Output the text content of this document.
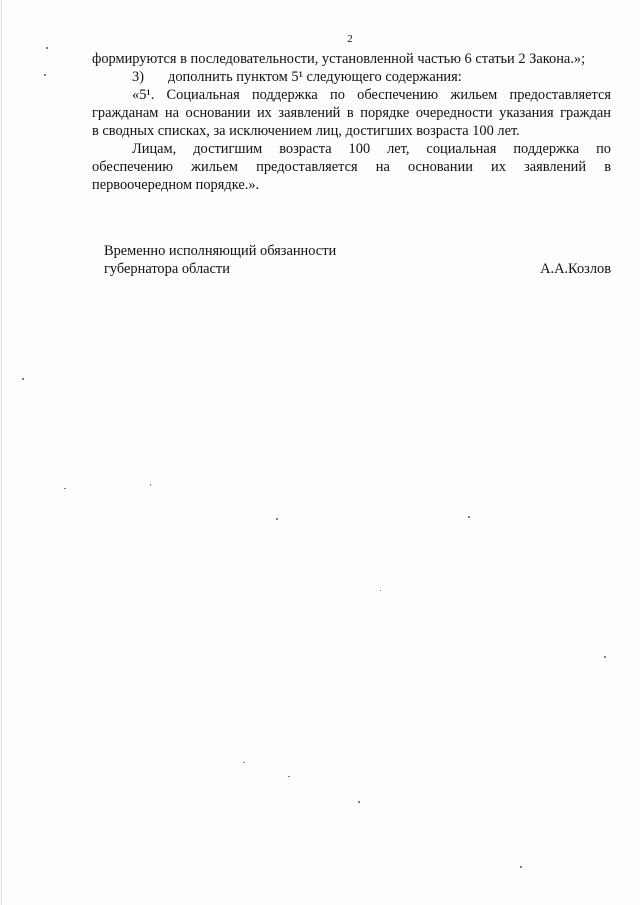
2
формируются в последовательности, установленной частью 6 статьи 2 Закона.»;
3) дополнить пунктом 5¹ следующего содержания:
«5¹. Социальная поддержка по обеспечению жильем предоставляется
гражданам на основании их заявлений в порядке очередности указания граждан
в сводных списках, за исключением лиц, достигших возраста 100 лет.
Лицам, достигшим возраста 100 лет, социальная поддержка по
обеспечению жильем предоставляется на основании их заявлений в
первоочередном порядке.».
Временно исполняющий обязанности
губернатора области	А.А.Козлов
